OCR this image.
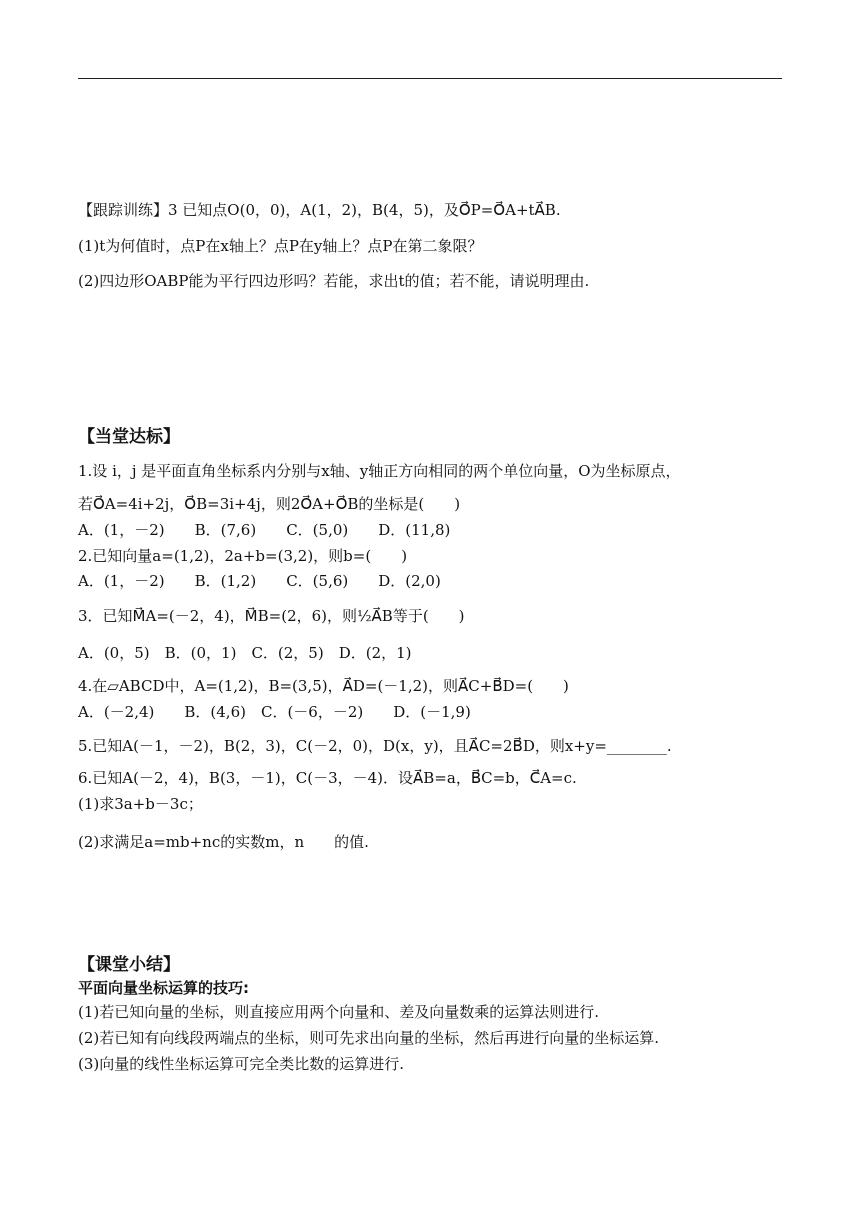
【跟踪训练】3 已知点O(0，0)，A(1，2)，B(4，5)，及O⃗P=O⃗A+tA⃗B.
(1)t为何值时，点P在x轴上？点P在y轴上？点P在第二象限？
(2)四边形OABP能为平行四边形吗？若能，求出t的值；若不能，请说明理由.
【当堂达标】
1.设 i，j 是平面直角坐标系内分别与x轴、y轴正方向相同的两个单位向量，O为坐标原点，
若O⃗A=4i+2j，O⃗B=3i+4j，则2O⃗A+O⃗B的坐标是(　　)
A．(1，－2)　　B．(7,6)　　C．(5,0)　　D．(11,8)
2.已知向量a=(1,2)，2a+b=(3,2)，则b=(　　)
A．(1，－2)　　B．(1,2)　　C．(5,6)　　D．(2,0)
3．已知M⃗A=(－2，4)，M⃗B=(2，6)，则½A⃗B等于(　　)
A．(0，5)　B．(0，1)　C．(2，5)　D．(2，1)
4.在▱ABCD中，A=(1,2)，B=(3,5)，A⃗D=(－1,2)，则A⃗C+B⃗D=(　　)
A．(－2,4)　　B．(4,6)　C．(－6，－2)　　D．(－1,9)
5.已知A(－1，－2)，B(2，3)，C(－2，0)，D(x，y)，且A⃗C=2B⃗D，则x+y=________.
6.已知A(－2，4)，B(3，－1)，C(－3，－4)．设A⃗B=a，B⃗C=b，C⃗A=c.
(1)求3a+b－3c；
(2)求满足a=mb+nc的实数m，n　　的值.
【课堂小结】
平面向量坐标运算的技巧:
(1)若已知向量的坐标，则直接应用两个向量和、差及向量数乘的运算法则进行.
(2)若已知有向线段两端点的坐标，则可先求出向量的坐标，然后再进行向量的坐标运算.
(3)向量的线性坐标运算可完全类比数的运算进行.
